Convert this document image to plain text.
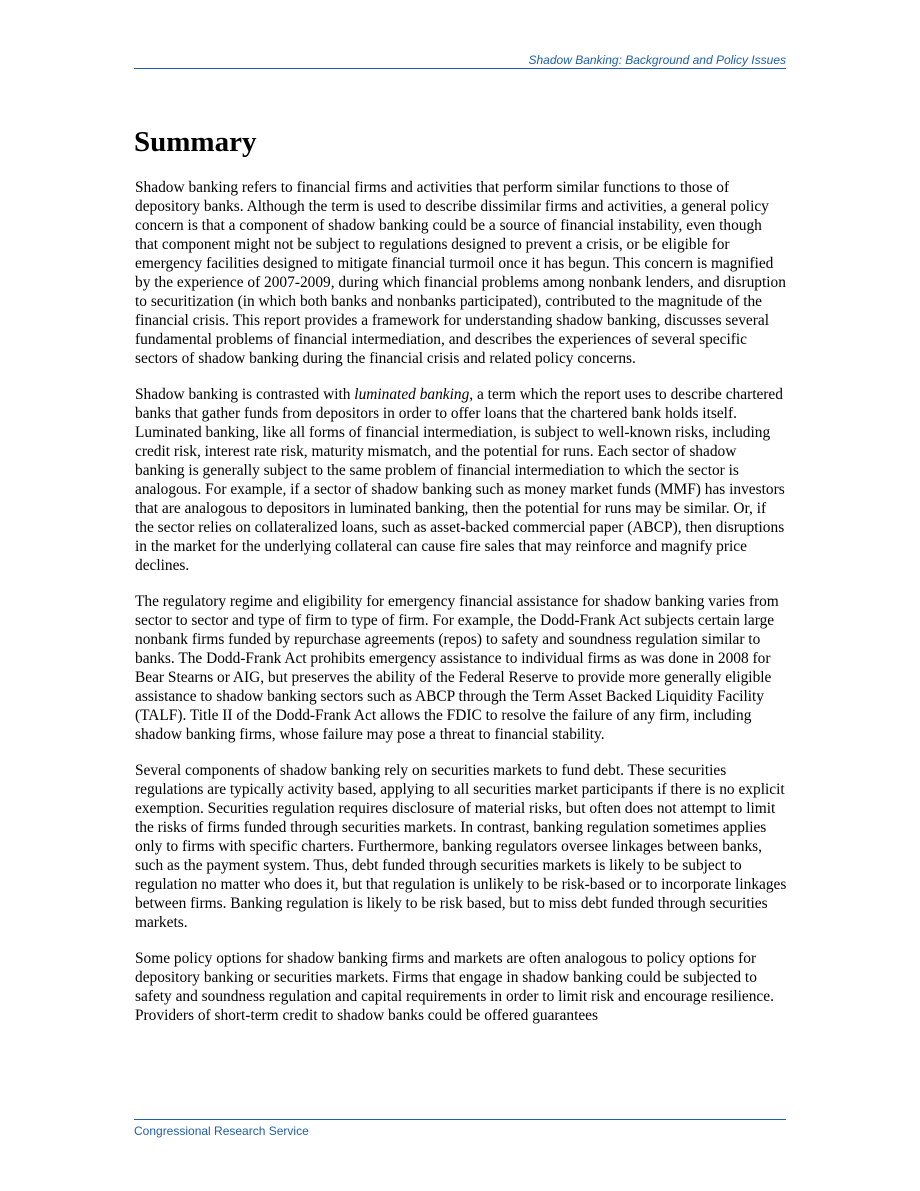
Shadow Banking: Background and Policy Issues
Summary

Shadow banking refers to financial firms and activities that perform similar functions to those of depository banks. Although the term is used to describe dissimilar firms and activities, a general policy concern is that a component of shadow banking could be a source of financial instability, even though that component might not be subject to regulations designed to prevent a crisis, or be eligible for emergency facilities designed to mitigate financial turmoil once it has begun. This concern is magnified by the experience of 2007-2009, during which financial problems among nonbank lenders, and disruption to securitization (in which both banks and nonbanks participated), contributed to the magnitude of the financial crisis. This report provides a framework for understanding shadow banking, discusses several fundamental problems of financial intermediation, and describes the experiences of several specific sectors of shadow banking during the financial crisis and related policy concerns.

Shadow banking is contrasted with luminated banking, a term which the report uses to describe chartered banks that gather funds from depositors in order to offer loans that the chartered bank holds itself. Luminated banking, like all forms of financial intermediation, is subject to well-known risks, including credit risk, interest rate risk, maturity mismatch, and the potential for runs. Each sector of shadow banking is generally subject to the same problem of financial intermediation to which the sector is analogous. For example, if a sector of shadow banking such as money market funds (MMF) has investors that are analogous to depositors in luminated banking, then the potential for runs may be similar. Or, if the sector relies on collateralized loans, such as asset-backed commercial paper (ABCP), then disruptions in the market for the underlying collateral can cause fire sales that may reinforce and magnify price declines.

The regulatory regime and eligibility for emergency financial assistance for shadow banking varies from sector to sector and type of firm to type of firm. For example, the Dodd-Frank Act subjects certain large nonbank firms funded by repurchase agreements (repos) to safety and soundness regulation similar to banks. The Dodd-Frank Act prohibits emergency assistance to individual firms as was done in 2008 for Bear Stearns or AIG, but preserves the ability of the Federal Reserve to provide more generally eligible assistance to shadow banking sectors such as ABCP through the Term Asset Backed Liquidity Facility (TALF). Title II of the Dodd-Frank Act allows the FDIC to resolve the failure of any firm, including shadow banking firms, whose failure may pose a threat to financial stability.

Several components of shadow banking rely on securities markets to fund debt. These securities regulations are typically activity based, applying to all securities market participants if there is no explicit exemption. Securities regulation requires disclosure of material risks, but often does not attempt to limit the risks of firms funded through securities markets. In contrast, banking regulation sometimes applies only to firms with specific charters. Furthermore, banking regulators oversee linkages between banks, such as the payment system. Thus, debt funded through securities markets is likely to be subject to regulation no matter who does it, but that regulation is unlikely to be risk-based or to incorporate linkages between firms. Banking regulation is likely to be risk based, but to miss debt funded through securities markets.

Some policy options for shadow banking firms and markets are often analogous to policy options for depository banking or securities markets. Firms that engage in shadow banking could be subjected to safety and soundness regulation and capital requirements in order to limit risk and encourage resilience. Providers of short-term credit to shadow banks could be offered guarantees

Congressional Research Service
